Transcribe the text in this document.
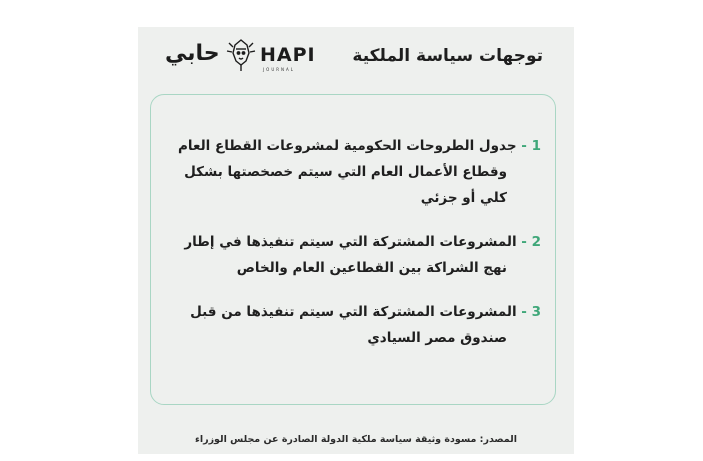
توجهات سياسة الملكية
حابي HAPI
JOURNAL
1 - جدول الطروحات الحكومية لمشروعات القطاع العام
وقطاع الأعمال العام التي سيتم خصخصتها بشكل
كلي أو جزئي
2 - المشروعات المشتركة التي سيتم تنفيذها في إطار
نهج الشراكة بين القطاعين العام والخاص
3 - المشروعات المشتركة التي سيتم تنفيذها من قبل
صندوق مصر السيادي
المصدر: مسودة وثيقة سياسة ملكية الدولة الصادرة عن مجلس الوزراء
